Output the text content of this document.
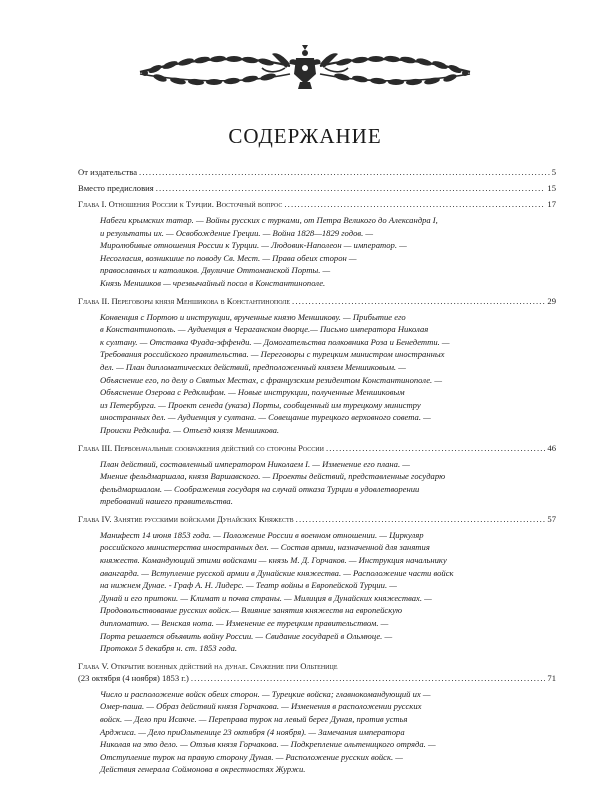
СОДЕРЖАНИЕ
От издательства . . .	5
Вместо предисловия . . .	15
Глава I. Отношения России к Турции. Восточный вопрос . . .	17
Набеги крымских татар. — Войны русских с турками, от Петра Великого до Александра I,
и результаты их. — Освобождение Греции. — Война 1828—1829 годов. —
Миролюбивые отношения России к Турции. — Людовик-Наполеон — император. —
Несогласия, возникшие по поводу Св. Мест. — Права обеих сторон —
православных и католиков. Двуличие Оттоманской Порты. —
Князь Меншиков — чрезвычайный посол в Константинополе.
Глава II. Переговоры князя Меншикова в Константинополе . . .	29
Конвенция с Портою и инструкции, врученные князю Меншикову. — Прибытие его
в Константинополь. — Аудиенция в Чераганском дворце.— Письмо императора Николая
к султану. — Отставка Фуада-эффенди. — Домогательства полковника Роза и Бенедетти. —
Требования российского правительства. — Переговоры с турецким министром иностранных
дел. — План дипломатических действий, предположенный князем Меншиковым. —
Объяснение его, по делу о Святых Местах, с французским резидентом Константинополе. —
Объяснение Озерова с Редклифом. — Новые инструкции, полученные Меншиковым
из Петербурга. — Проект сенеда (указа) Порты, сообщенный им турецкому министру
иностранных дел. — Аудиенция у султана. — Совещание турецкого верховного совета. —
Происки Редклифа. — Отъезд князя Меншикова.
Глава III. Первоначальные соображения действий со стороны России . . .	46
План действий, составленный императором Николаем I. — Изменение его плана. —
Мнение фельдмаршала, князя Варшавского. — Проекты действий, представленные государю
фельдмаршалом. — Соображения государя на случай отказа Турции в удовлетворении
требований нашего правительства.
Глава IV. Занятие русскими войсками Дунайских Княжеств . . .	57
Манифест 14 июня 1853 года. — Положение России в военном отношении. — Циркуляр
российского министерства иностранных дел. — Состав армии, назначенной для занятия
княжеств. Командующий этими войсками — князь М. Д. Горчаков. — Инструкция начальнику
авангарда. — Вступление русской армии в Дунайские княжества. — Расположение части войск
на нижнем Дунае. - Граф А. Н. Лидерс. — Театр войны в Европейской Турции. —
Дунай и его притоки. — Климат и почва страны. — Милиция в Дунайских княжествах. —
Продовольствование русских войск.— Влияние занятия княжеств на европейскую
дипломатию. — Венская нота. — Изменение ее турецким правительством. —
Порта решается объявить войну России. — Свидание государей в Ольмюце. —
Протокол 5 декабря н. ст. 1853 года.
Глава V. Открытие военных действий на дунае. Сражение при Ольтенице
(23 октября (4 ноября) 1853 г.) . . .	71
Число и расположение войск обеих сторон. — Турецкие войска; главнокомандующий их —
Омер-паша. — Образ действий князя Горчакова. — Изменения в расположении русских
войск. — Дело при Исакче. — Переправа турок на левый берег Дуная, против устья
Арджиса. — Дело приОльтенице 23 октября (4 ноября). — Замечания императора
Николая на это дело. — Отзыв князя Горчакова. — Подкрепление ольтеницкого отряда. —
Отступление турок на правую сторону Дуная. — Расположение русских войск. —
Действия генерала Соймонова в окрестностях Журжи.
